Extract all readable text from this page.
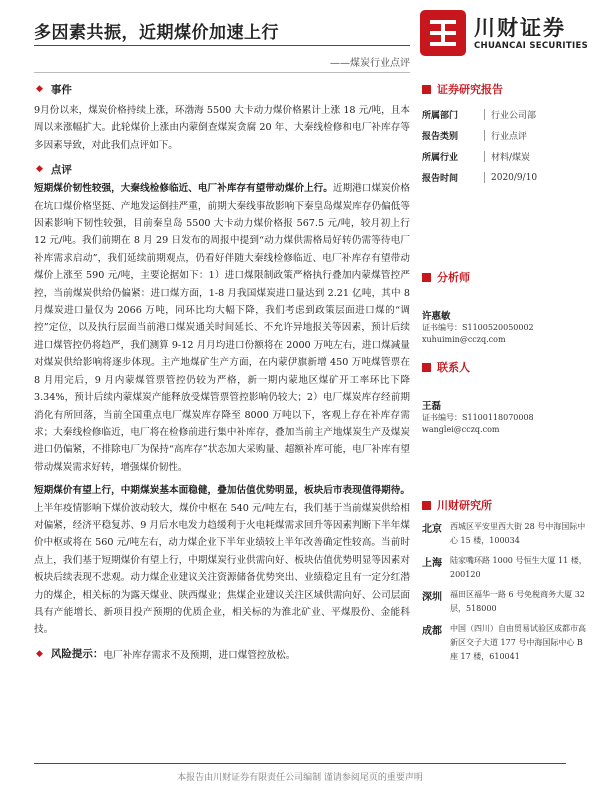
多因素共振，近期煤价加速上行	川财证券
CHUANCAI SECURITIES
——煤炭行业点评
◆ 事件

9月份以来，煤炭价格持续上涨，环渤海 5500 大卡动力煤价格累计上涨 18 元/吨，且本周以来涨幅扩大。此轮煤价上涨由内蒙倒查煤炭贪腐 20 年、大秦线检修和电厂补库存等多因素导致，对此我们点评如下。

◆ 点评

短期煤价韧性较强，大秦线检修临近、电厂补库存有望带动煤价上行。近期港口煤炭价格在坑口煤价格坚挺、产地发运倒挂严重，前期大秦线事故影响下秦皇岛煤炭库存仍偏低等因素影响下韧性较强，目前秦皇岛 5500 大卡动力煤价格报 567.5 元/吨，较月初上行 12 元/吨。我们前期在 8 月 29 日发布的周报中提到“动力煤供需格局好转仍需等待电厂补库需求启动”，我们延续前期观点，仍看好伴随大秦线检修临近、电厂补库存有望带动煤价上涨至 590 元/吨，主要论据如下：1）进口煤限制政策严格执行叠加内蒙煤管控严控，当前煤炭供给仍偏紧：进口煤方面，1-8 月我国煤炭进口量达到 2.21 亿吨，其中 8 月煤炭进口量仅为 2066 万吨，同环比均大幅下降，我们考虑到政策层面进口煤的“调控”定位，以及执行层面当前港口煤炭通关时间延长、不允许异地报关等因素，预计后续进口煤管控仍将趋严，我们测算 9-12 月月均进口份额将在 2000 万吨左右，进口煤减量对煤炭供给影响将逐步体现。主产地煤矿生产方面，在内蒙伊旗新增 450 万吨煤管票在 8 月用完后，9 月内蒙煤管票管控仍较为严格，新一期内蒙地区煤矿开工率环比下降 3.34%，预计后续内蒙煤炭产能释放受煤管票管控影响仍较大；2）电厂煤炭库存经前期消化有所回落，当前全国重点电厂煤炭库存降至 8000 万吨以下，客观上存在补库存需求；大秦线检修临近，电厂将在检修前进行集中补库存，叠加当前主产地煤炭生产及煤炭进口仍偏紧，不排除电厂为保持“高库存”状态加大采购量、超额补库可能，电厂补库有望带动煤炭需求好转，增强煤价韧性。

短期煤价有望上行，中期煤炭基本面稳健，叠加估值优势明显，板块后市表现值得期待。上半年疫情影响下煤价波动较大，煤价中枢在 540 元/吨左右，我们基于当前煤炭供给相对偏紧，经济平稳复苏、9 月后水电发力趋缓利于火电耗煤需求回升等因素判断下半年煤价中枢或将在 560 元/吨左右，动力煤企业下半年业绩较上半年改善确定性较高。当前时点上，我们基于短期煤价有望上行，中期煤炭行业供需向好、板块估值优势明显等因素对板块后续表现不悲观。动力煤企业建议关注资源储备优势突出、业绩稳定且有一定分红潜力的煤企，相关标的为露天煤业、陕西煤业；焦煤企业建议关注区域供需向好、公司层面具有产能增长、新项目投产预期的优质企业，相关标的为淮北矿业、平煤股份、金能科技。

◆ 风险提示： 电厂补库存需求不及预期，进口煤管控放松。
证券研究报告
所属部门	行业公司部
报告类别	行业点评
所属行业	材料/煤炭
报告时间	2020/9/10
分析师
许惠敏
证书编号：S1100520050002
xuhuimin@cczq.com
联系人
王磊
证书编号：S1100118070008
wanglei@cczq.com
川财研究所
北京	西城区平安里西大街 28 号中海国际中心 15 楼，100034
上海	陆家嘴环路 1000 号恒生大厦 11 楼，200120
深圳	福田区福华一路 6 号免税商务大厦 32 层，518000
成都	中国（四川）自由贸易试验区成都市高新区交子大道 177 号中海国际中心 B 座 17 楼，610041
本报告由川财证券有限责任公司编制 谨请参阅尾页的重要声明
